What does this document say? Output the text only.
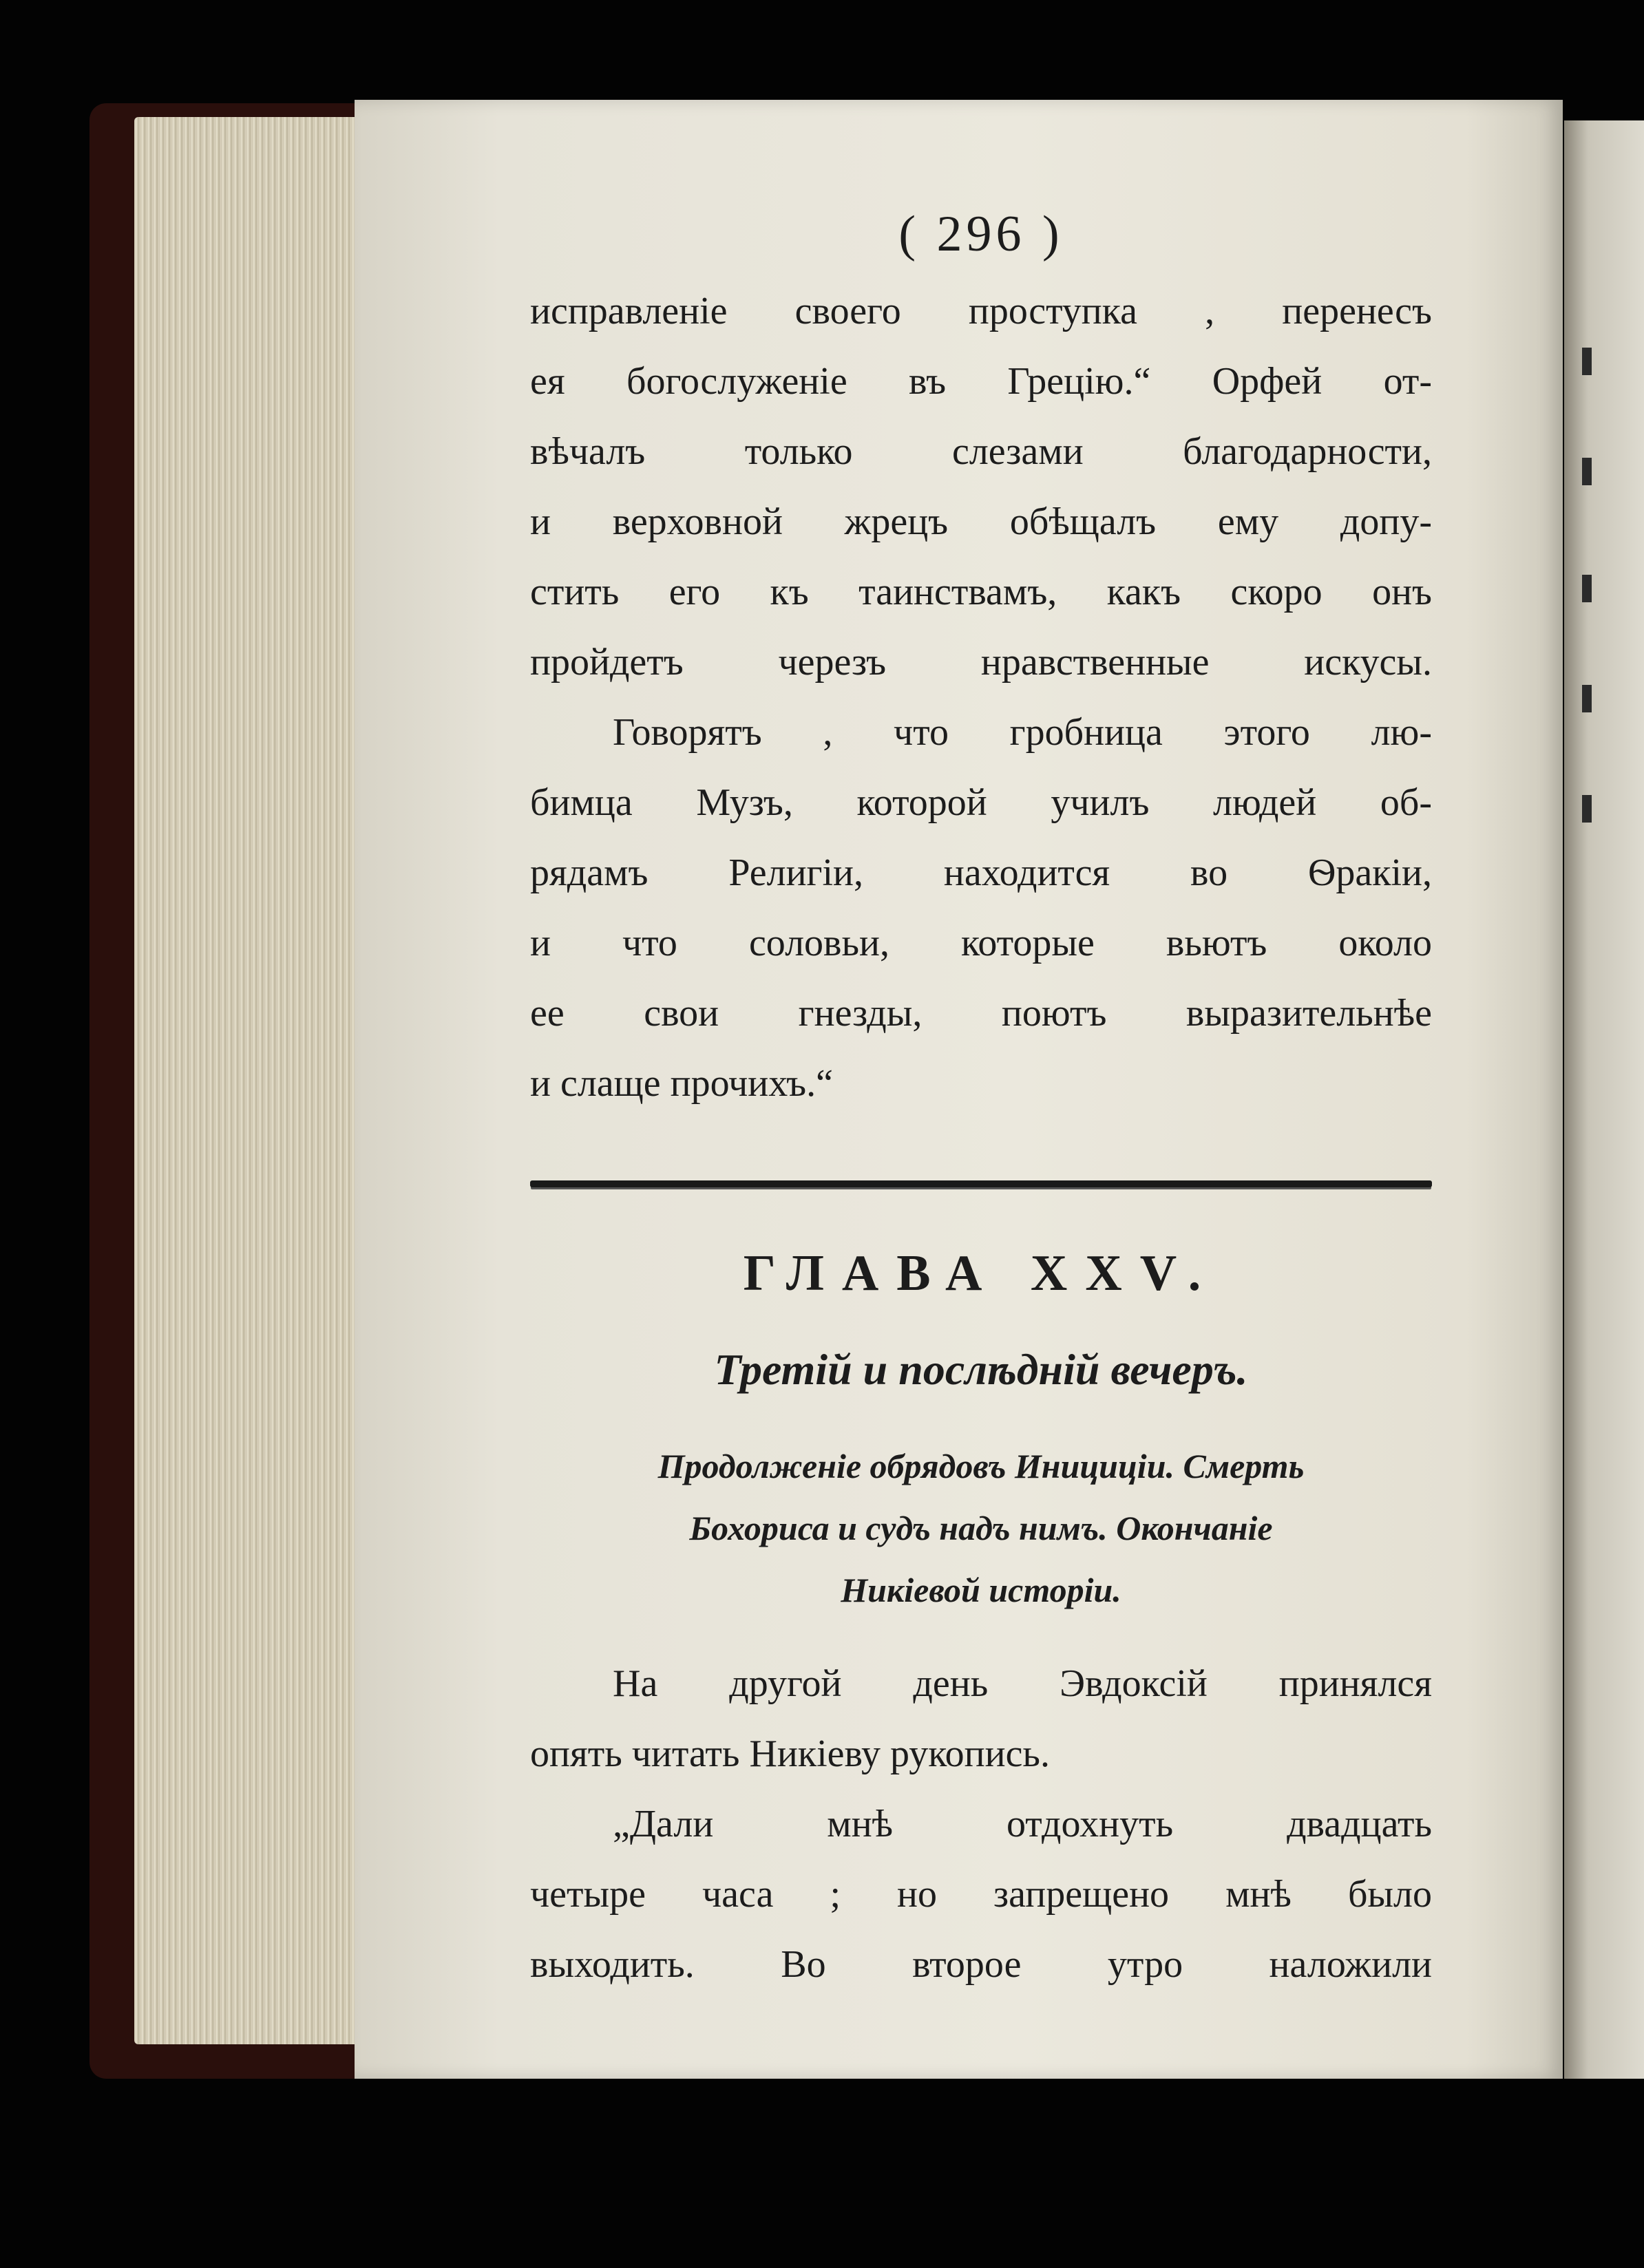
( 296 )
исправленіе своего проступка , перенесъ
ея богослуженіе въ Грецію.“ Орфей от-
вѣчалъ только слезами благодарности,
и верховной жрецъ обѣщалъ ему допу-
стить его къ таинствамъ, какъ скоро онъ
пройдетъ черезъ нравственные искусы.
Говорятъ , что гробница этого лю-
бимца Музъ, которой училъ людей об-
рядамъ Религіи, находится во Ѳракіи,
и что соловьи, которые вьютъ около
ее свои гнезды, поютъ выразительнѣе
и слаще прочихъ.“
ГЛАВА XXV.
Третій и послѣдній вечеръ.
Продолженіе обрядовъ Инициціи. Смерть
Бохориса и судъ надъ нимъ. Окончаніе
Никіевой исторіи.
На другой день Эвдоксій принялся
опять читать Никіеву рукопись.
„Дали мнѣ отдохнуть двадцать
четыре часа ; но запрещено мнѣ было
выходить. Во второе утро наложили
